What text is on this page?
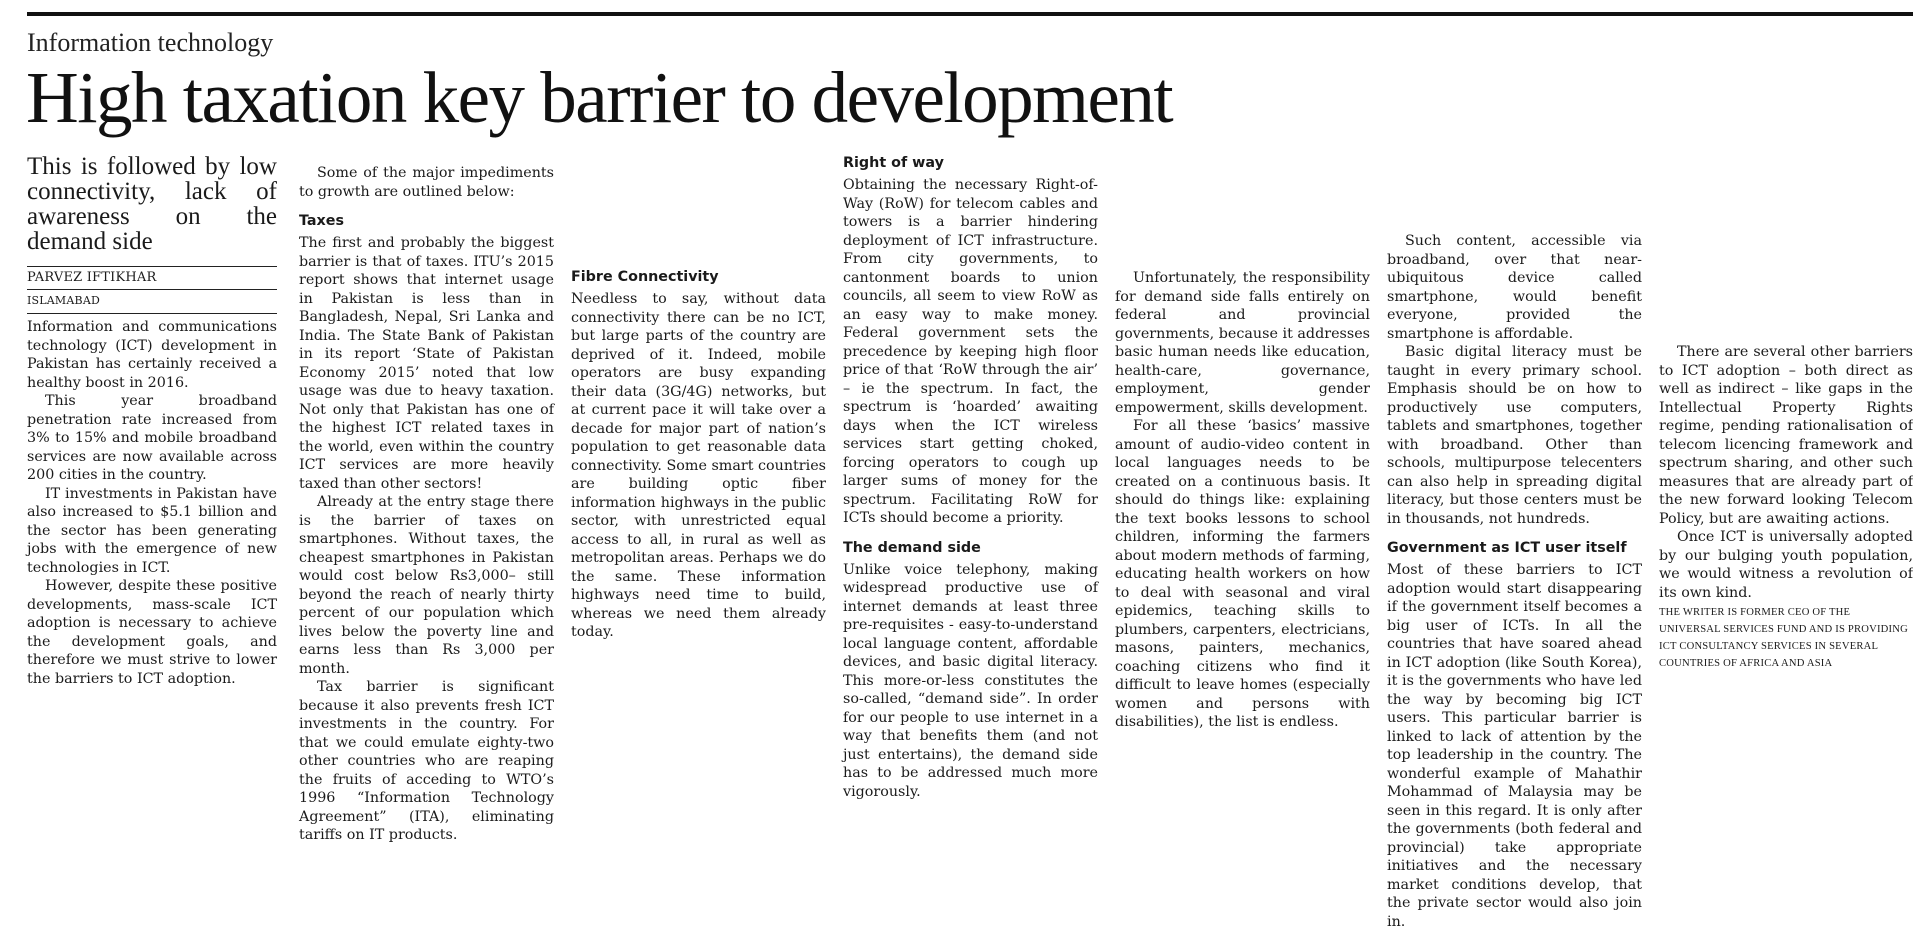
Information technology
High taxation key barrier to development
This is followed by low connectivity, lack of awareness on the demand side
PARVEZ IFTIKHAR
ISLAMABAD

Information and communications technology (ICT) development in Pakistan has certainly received a healthy boost in 2016.

This year broadband penetration rate increased from 3% to 15% and mobile broadband services are now available across 200 cities in the country.

IT investments in Pakistan have also increased to $5.1 billion and the sector has been generating jobs with the emergence of new technologies in ICT.

However, despite these positive developments, mass-scale ICT adoption is necessary to achieve the development goals, and therefore we must strive to lower the barriers to ICT adoption.

Some of the major impediments to growth are outlined below:

Taxes

The first and probably the biggest barrier is that of taxes. ITU’s 2015 report shows that internet usage in Pakistan is less than in Bangladesh, Nepal, Sri Lanka and India. The State Bank of Pakistan in its report ‘State of Pakistan Economy 2015’ noted that low usage was due to heavy taxation. Not only that Pakistan has one of the highest ICT related taxes in the world, even within the country ICT services are more heavily taxed than other sectors!

Already at the entry stage there is the barrier of taxes on smartphones. Without taxes, the cheapest smartphones in Pakistan would cost below Rs3,000– still beyond the reach of nearly thirty percent of our population which lives below the poverty line and earns less than Rs 3,000 per month.

Tax barrier is significant because it also prevents fresh ICT investments in the country. For that we could emulate eighty-two other countries who are reaping the fruits of acceding to WTO’s 1996 “Information Technology Agreement” (ITA), eliminating tariffs on IT products.

Fibre Connectivity

Needless to say, without data connectivity there can be no ICT, but large parts of the country are deprived of it. Indeed, mobile operators are busy expanding their data (3G/4G) networks, but at current pace it will take over a decade for major part of nation’s population to get reasonable data connectivity. Some smart countries are building optic fiber information highways in the public sector, with unrestricted equal access to all, in rural as well as metropolitan areas. Perhaps we do the same. These information highways need time to build, whereas we need them already today.

Right of way

Obtaining the necessary Right-of-Way (RoW) for telecom cables and towers is a barrier hindering deployment of ICT infrastructure. From city governments, to cantonment boards to union councils, all seem to view RoW as an easy way to make money. Federal government sets the precedence by keeping high floor price of that ‘RoW through the air’ – ie the spectrum. In fact, the spectrum is ‘hoarded’ awaiting days when the ICT wireless services start getting choked, forcing operators to cough up larger sums of money for the spectrum. Facilitating RoW for ICTs should become a priority.

The demand side

Unlike voice telephony, making widespread productive use of internet demands at least three pre-requisites - easy-to-understand local language content, affordable devices, and basic digital literacy. This more-or-less constitutes the so-called, “demand side”. In order for our people to use internet in a way that benefits them (and not just entertains), the demand side has to be addressed much more vigorously.

Unfortunately, the responsibility for demand side falls entirely on federal and provincial governments, because it addresses basic human needs like education, health-care, governance, employment, gender empowerment, skills development.

For all these ‘basics’ massive amount of audio-video content in local languages needs to be created on a continuous basis. It should do things like: explaining the text books lessons to school children, informing the farmers about modern methods of farming, educating health workers on how to deal with seasonal and viral epidemics, teaching skills to plumbers, carpenters, electricians, masons, painters, mechanics, coaching citizens who find it difficult to leave homes (especially women and persons with disabilities), the list is endless.

Such content, accessible via broadband, over that near-ubiquitous device called smartphone, would benefit everyone, provided the smartphone is affordable.

Basic digital literacy must be taught in every primary school. Emphasis should be on how to productively use computers, tablets and smartphones, together with broadband. Other than schools, multipurpose telecenters can also help in spreading digital literacy, but those centers must be in thousands, not hundreds.

Government as ICT user itself

Most of these barriers to ICT adoption would start disappearing if the government itself becomes a big user of ICTs. In all the countries that have soared ahead in ICT adoption (like South Korea), it is the governments who have led the way by becoming big ICT users. This particular barrier is linked to lack of attention by the top leadership in the country. The wonderful example of Mahathir Mohammad of Malaysia may be seen in this regard. It is only after the governments (both federal and provincial) take appropriate initiatives and the necessary market conditions develop, that the private sector would also join in.

There are several other barriers to ICT adoption – both direct as well as indirect – like gaps in the Intellectual Property Rights regime, pending rationalisation of telecom licencing framework and spectrum sharing, and other such measures that are already part of the new forward looking Telecom Policy, but are awaiting actions.

Once ICT is universally adopted by our bulging youth population, we would witness a revolution of its own kind.

THE WRITER IS FORMER CEO OF THE UNIVERSAL SERVICES FUND AND IS PROVIDING ICT CONSULTANCY SERVICES IN SEVERAL COUNTRIES OF AFRICA AND ASIA
